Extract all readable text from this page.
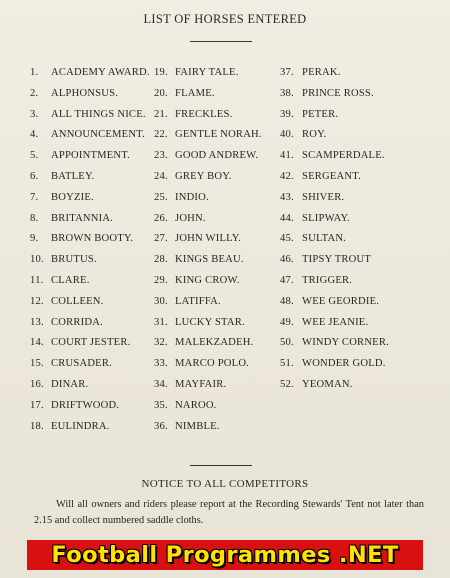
LIST OF HORSES ENTERED
1. ACADEMY AWARD.
2. ALPHONSUS.
3. ALL THINGS NICE.
4. ANNOUNCEMENT.
5. APPOINTMENT.
6. BATLEY.
7. BOYZIE.
8. BRITANNIA.
9. BROWN BOOTY.
10. BRUTUS.
11. CLARE.
12. COLLEEN.
13. CORRIDA.
14. COURT JESTER.
15. CRUSADER.
16. DINAR.
17. DRIFTWOOD.
18. EULINDRA.
19. FAIRY TALE.
20. FLAME.
21. FRECKLES.
22. GENTLE NORAH.
23. GOOD ANDREW.
24. GREY BOY.
25. INDIO.
26. JOHN.
27. JOHN WILLY.
28. KINGS BEAU.
29. KING CROW.
30. LATIFFA.
31. LUCKY STAR.
32. MALEKZADEH.
33. MARCO POLO.
34. MAYFAIR.
35. NAROO.
36. NIMBLE.
37. PERAK.
38. PRINCE ROSS.
39. PETER.
40. ROY.
41. SCAMPERDALE.
42. SERGEANT.
43. SHIVER.
44. SLIPWAY.
45. SULTAN.
46. TIPSY TROUT
47. TRIGGER.
48. WEE GEORDIE.
49. WEE JEANIE.
50. WINDY CORNER.
51. WONDER GOLD.
52. YEOMAN.
NOTICE TO ALL COMPETITORS
Will all owners and riders please report at the Recording Stewards' Tent not later than 2.15 and collect numbered saddle cloths.
Football Programmes .NET
